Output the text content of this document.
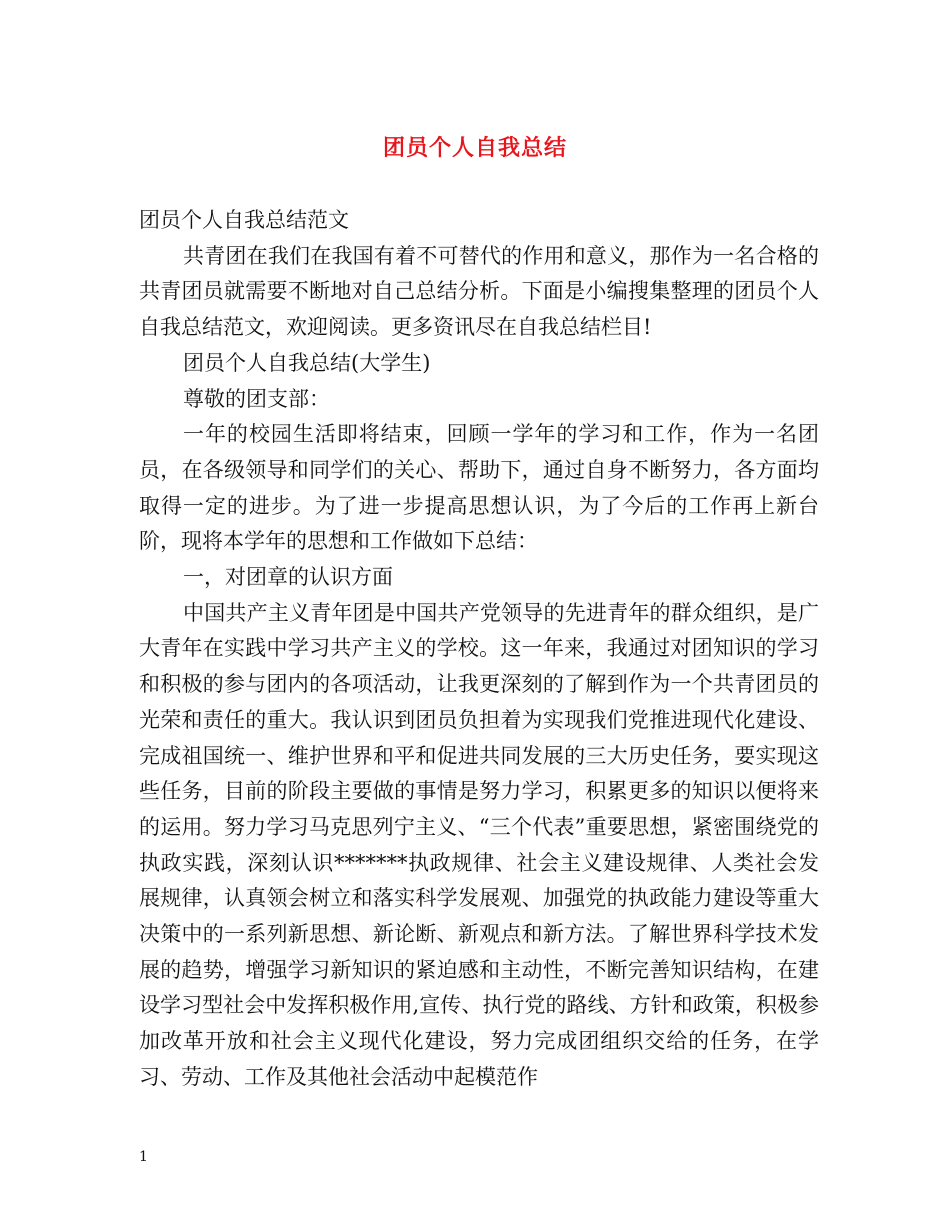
团员个人自我总结

团员个人自我总结范文

共青团在我们在我国有着不可替代的作用和意义，那作为一名合格的共青团员就需要不断地对自己总结分析。下面是小编搜集整理的团员个人自我总结范文，欢迎阅读。更多资讯尽在自我总结栏目!

团员个人自我总结(大学生)

尊敬的团支部：

一年的校园生活即将结束，回顾一学年的学习和工作，作为一名团员，在各级领导和同学们的关心、帮助下，通过自身不断努力，各方面均取得一定的进步。为了进一步提高思想认识，为了今后的工作再上新台阶，现将本学年的思想和工作做如下总结：

一，对团章的认识方面

中国共产主义青年团是中国共产党领导的先进青年的群众组织，是广大青年在实践中学习共产主义的学校。这一年来，我通过对团知识的学习和积极的参与团内的各项活动，让我更深刻的了解到作为一个共青团员的光荣和责任的重大。我认识到团员负担着为实现我们党推进现代化建设、完成祖国统一、维护世界和平和促进共同发展的三大历史任务，要实现这些任务，目前的阶段主要做的事情是努力学习，积累更多的知识以便将来的运用。努力学习马克思列宁主义、“三个代表”重要思想，紧密围绕党的执政实践，深刻认识*******执政规律、社会主义建设规律、人类社会发展规律，认真领会树立和落实科学发展观、加强党的执政能力建设等重大决策中的一系列新思想、新论断、新观点和新方法。了解世界科学技术发展的趋势，增强学习新知识的紧迫感和主动性，不断完善知识结构，在建设学习型社会中发挥积极作用,宣传、执行党的路线、方针和政策，积极参加改革开放和社会主义现代化建设，努力完成团组织交给的任务，在学习、劳动、工作及其他社会活动中起模范作

1
